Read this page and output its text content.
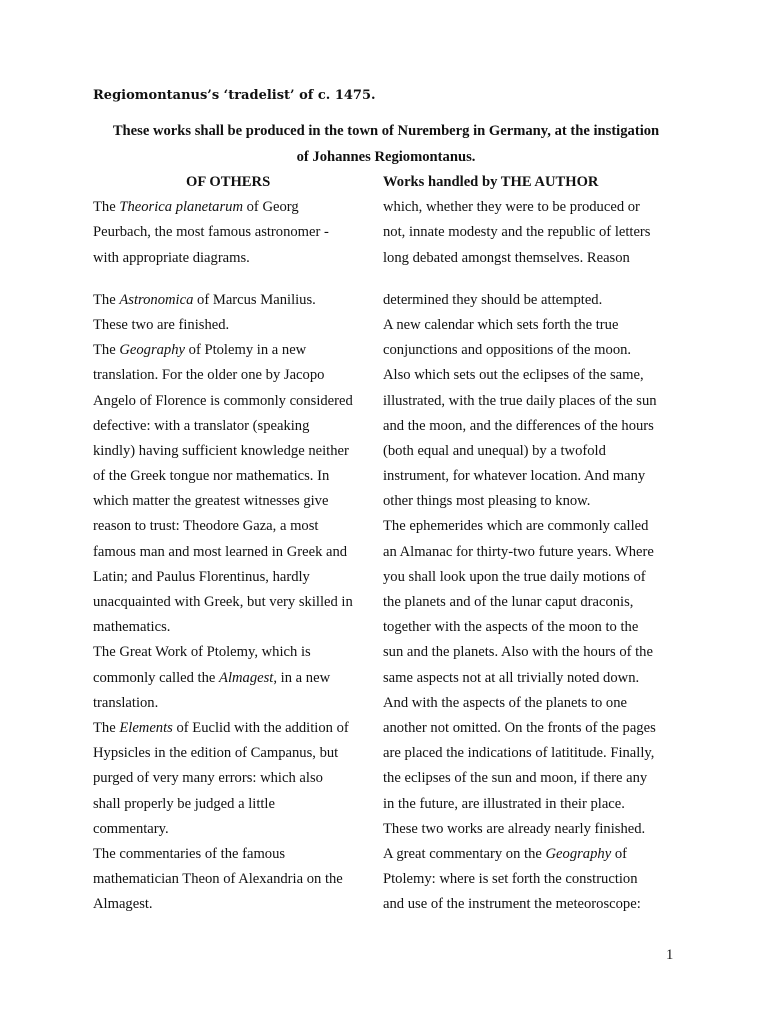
Regiomontanus’s ‘tradelist’ of c. 1475.
These works shall be produced in the town of Nuremberg in Germany, at the instigation
of Johannes Regiomontanus.
OF OTHERS
The Theorica planetarum of Georg
Peurbach, the most famous astronomer -
with appropriate diagrams.
The Astronomica of Marcus Manilius.
These two are finished.
The Geography of Ptolemy in a new
translation. For the older one by Jacopo
Angelo of Florence is commonly considered
defective: with a translator (speaking
kindly) having sufficient knowledge neither
of the Greek tongue nor mathematics. In
which matter the greatest witnesses give
reason to trust: Theodore Gaza, a most
famous man and most learned in Greek and
Latin; and Paulus Florentinus, hardly
unacquainted with Greek, but very skilled in
mathematics.
The Great Work of Ptolemy, which is
commonly called the Almagest, in a new
translation.
The Elements of Euclid with the addition of
Hypsicles in the edition of Campanus, but
purged of very many errors: which also
shall properly be judged a little
commentary.
The commentaries of the famous
mathematician Theon of Alexandria on the
Almagest.
Works handled by THE AUTHOR
which, whether they were to be produced or
not, innate modesty and the republic of letters
long debated amongst themselves. Reason
determined they should be attempted.
A new calendar which sets forth the true
conjunctions and oppositions of the moon.
Also which sets out the eclipses of the same,
illustrated, with the true daily places of the sun
and the moon, and the differences of the hours
(both equal and unequal) by a twofold
instrument, for whatever location. And many
other things most pleasing to know.
The ephemerides which are commonly called
an Almanac for thirty-two future years. Where
you shall look upon the true daily motions of
the planets and of the lunar caput draconis,
together with the aspects of the moon to the
sun and the planets. Also with the hours of the
same aspects not at all trivially noted down.
And with the aspects of the planets to one
another not omitted. On the fronts of the pages
are placed the indications of latititude. Finally,
the eclipses of the sun and moon, if there any
in the future, are illustrated in their place.
These two works are already nearly finished.
A great commentary on the Geography of
Ptolemy: where is set forth the construction
and use of the instrument the meteoroscope:
1
